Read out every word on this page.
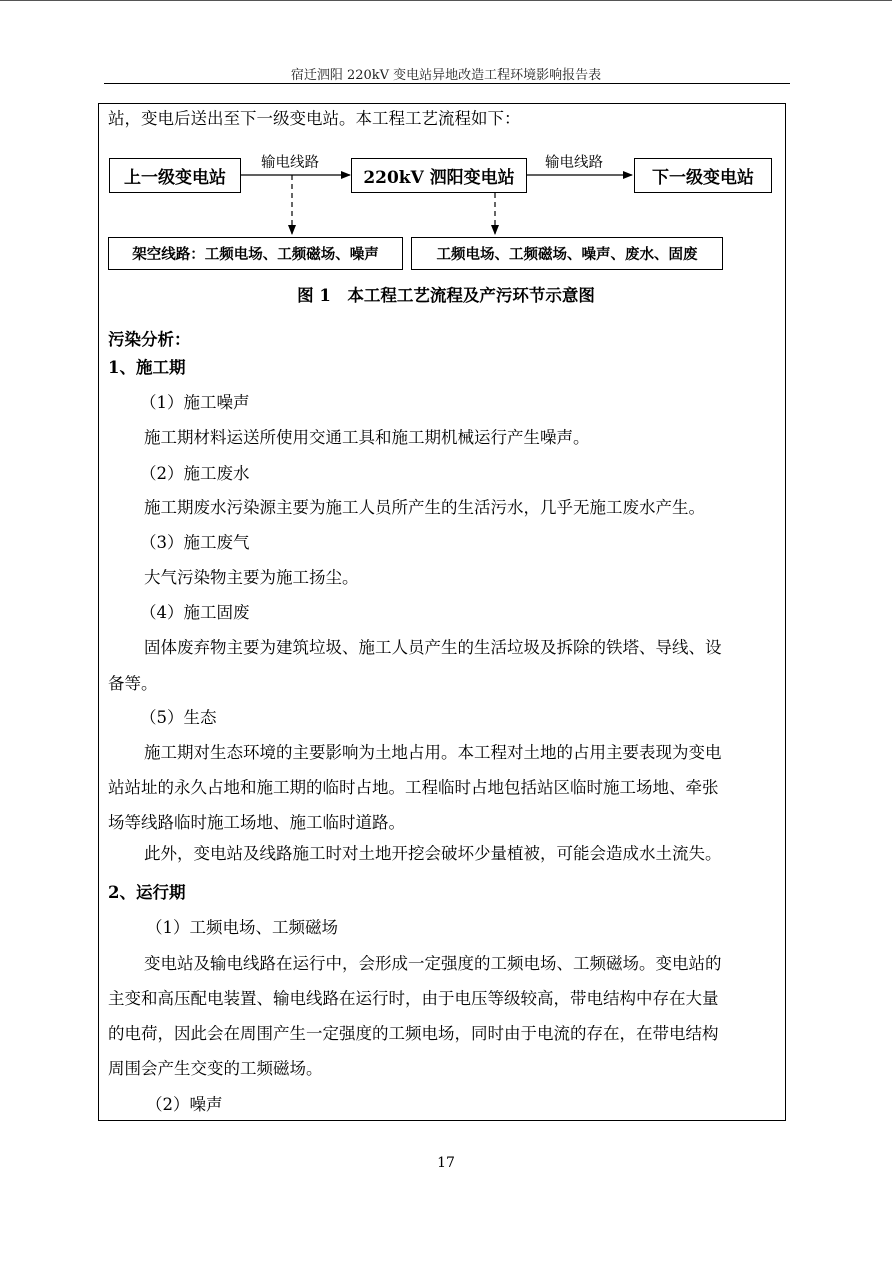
宿迁泗阳 220kV 变电站异地改造工程环境影响报告表
站，变电后送出至下一级变电站。本工程工艺流程如下：
上一级变电站	220kV 泗阳变电站	下一级变电站
输电线路	输电线路
架空线路：工频电场、工频磁场、噪声	工频电场、工频磁场、噪声、废水、固废
图 1　本工程工艺流程及产污环节示意图
污染分析：
1、施工期
（1）施工噪声
施工期材料运送所使用交通工具和施工期机械运行产生噪声。
（2）施工废水
施工期废水污染源主要为施工人员所产生的生活污水，几乎无施工废水产生。
（3）施工废气
大气污染物主要为施工扬尘。
（4）施工固废
固体废弃物主要为建筑垃圾、施工人员产生的生活垃圾及拆除的铁塔、导线、设
备等。
（5）生态
施工期对生态环境的主要影响为土地占用。本工程对土地的占用主要表现为变电
站站址的永久占地和施工期的临时占地。工程临时占地包括站区临时施工场地、牵张
场等线路临时施工场地、施工临时道路。
此外，变电站及线路施工时对土地开挖会破坏少量植被，可能会造成水土流失。
2、运行期
（1）工频电场、工频磁场
变电站及输电线路在运行中，会形成一定强度的工频电场、工频磁场。变电站的
主变和高压配电装置、输电线路在运行时，由于电压等级较高，带电结构中存在大量
的电荷，因此会在周围产生一定强度的工频电场，同时由于电流的存在，在带电结构
周围会产生交变的工频磁场。
（2）噪声
17
